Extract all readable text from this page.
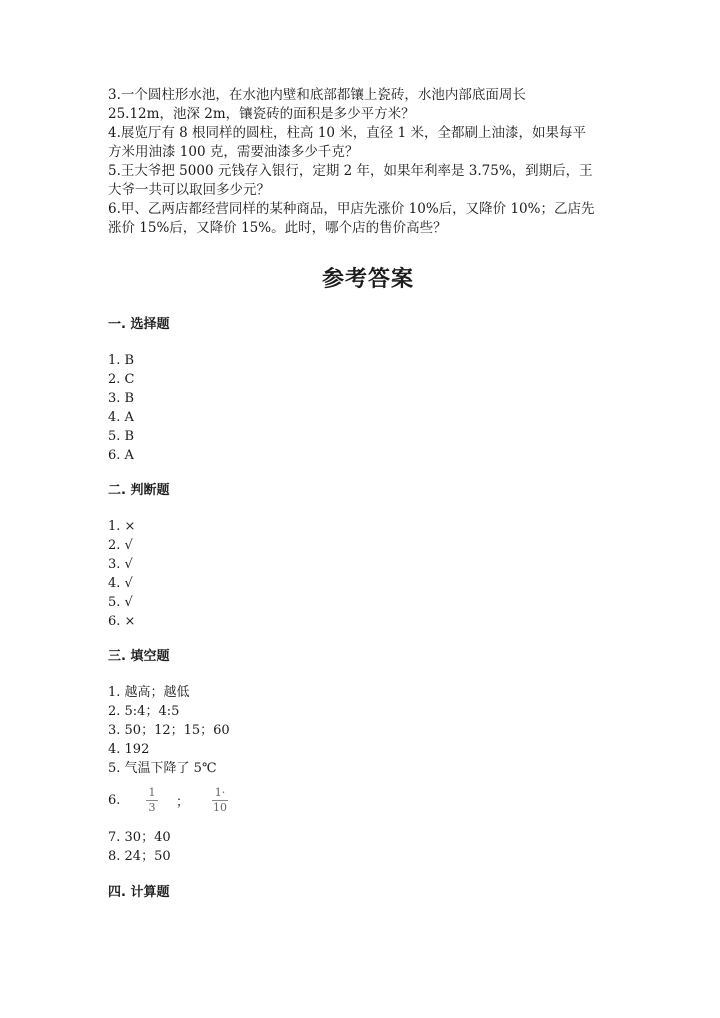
3.一个圆柱形水池，在水池内壁和底部都镶上瓷砖，水池内部底面周长

25.12m，池深 2m，镶瓷砖的面积是多少平方米？

4.展览厅有 8 根同样的圆柱，柱高 10 米，直径 1 米，全都刷上油漆，如果每平

方米用油漆 100 克，需要油漆多少千克？

5.王大爷把 5000 元钱存入银行，定期 2 年，如果年利率是 3.75%，到期后，王

大爷一共可以取回多少元？

6.甲、乙两店都经营同样的某种商品，甲店先涨价 10%后，又降价 10%；乙店先

涨价 15%后，又降价 15%。此时，哪个店的售价高些？

参考答案
一. 选择题
1. B
2. C
3. B
4. A
5. B
6. A
二. 判断题
1. ×
2. √
3. √
4. √
5. √
6. ×
三. 填空题
1. 越高；越低
2. 5:4；4:5
3. 50；12；15；60
4. 192
5. 气温下降了 5℃
6.	$\frac{1}{3}$ ；	$\frac{1\cdot}{10}$
7. 30；40
8. 24；50
四. 计算题
